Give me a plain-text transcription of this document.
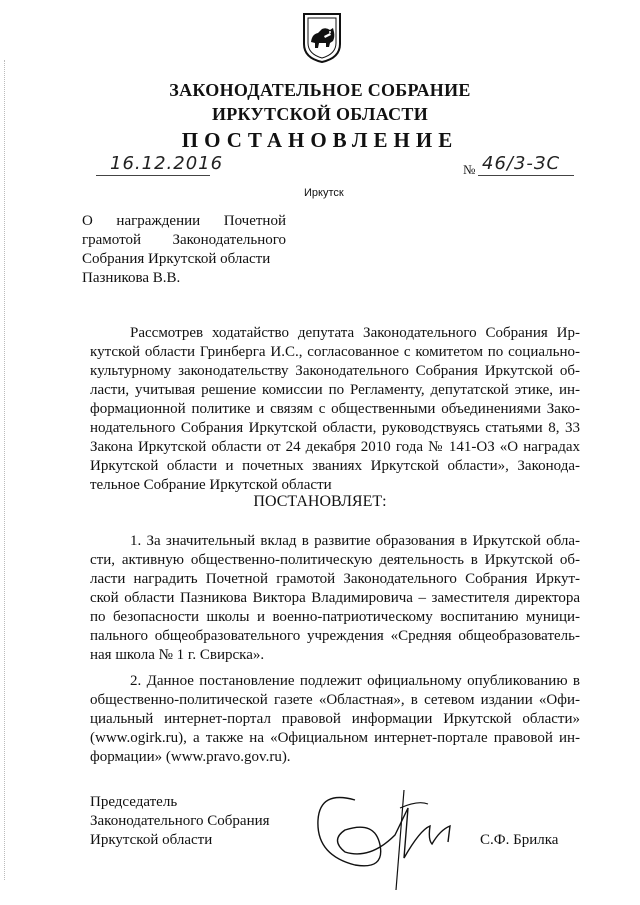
ЗАКОНОДАТЕЛЬНОЕ СОБРАНИЕ
ИРКУТСКОЙ ОБЛАСТИ
ПОСТАНОВЛЕНИЕ
16.12.2016	№ 46/3-ЗС
Иркутск
О награждении Почетной
грамотой Законодательного
Собрания Иркутской области
Пазникова В.В.
Рассмотрев ходатайство депутата Законодательного Собрания Ир-
кутской области Гринберга И.С., согласованное с комитетом по социально-
культурному законодательству Законодательного Собрания Иркутской об-
ласти, учитывая решение комиссии по Регламенту, депутатской этике, ин-
формационной политике и связям с общественными объединениями Зако-
нодательного Собрания Иркутской области, руководствуясь статьями 8, 33
Закона Иркутской области от 24 декабря 2010 года № 141-ОЗ «О наградах
Иркутской области и почетных званиях Иркутской области», Законода-
тельное Собрание Иркутской области
ПОСТАНОВЛЯЕТ:
1. За значительный вклад в развитие образования в Иркутской обла-
сти, активную общественно-политическую деятельность в Иркутской об-
ласти наградить Почетной грамотой Законодательного Собрания Иркут-
ской области Пазникова Виктора Владимировича – заместителя директора
по безопасности школы и военно-патриотическому воспитанию муници-
пального общеобразовательного учреждения «Средняя общеобразователь-
ная школа № 1 г. Свирска».
2. Данное постановление подлежит официальному опубликованию в
общественно-политической газете «Областная», в сетевом издании «Офи-
циальный интернет-портал правовой информации Иркутской области»
(www.ogirk.ru), а также на «Официальном интернет-портале правовой ин-
формации» (www.pravo.gov.ru).
Председатель
Законодательного Собрания
Иркутской области	С.Ф. Брилка
